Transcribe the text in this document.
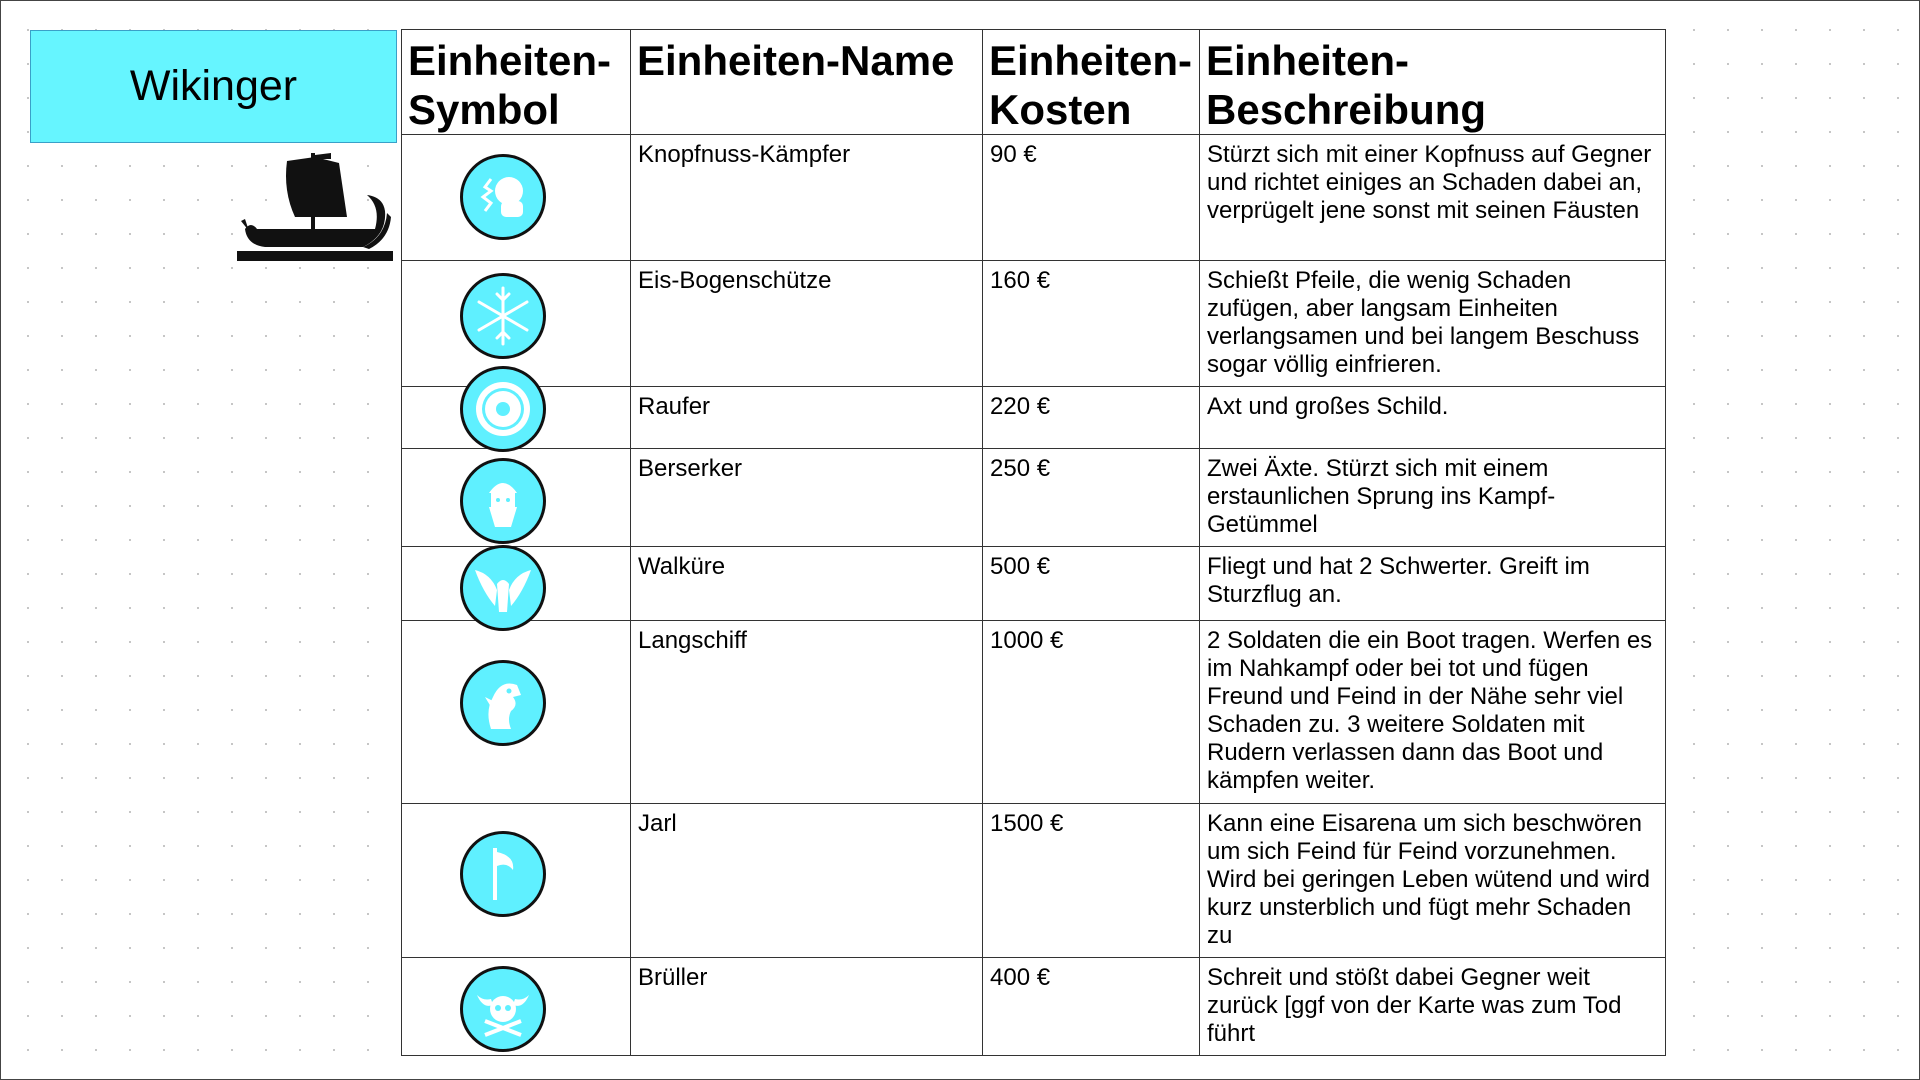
Wikinger
Einheiten-Symbol	Einheiten-Name	Einheiten-Kosten	Einheiten-Beschreibung

	Knopfnuss-Kämpfer	90 €	Stürzt sich mit einer Kopfnuss auf Gegner und richtet einiges an Schaden dabei an, verprügelt jene sonst mit seinen Fäusten

	Eis-Bogenschütze	160 €	Schießt Pfeile, die wenig Schaden zufügen, aber langsam Einheiten verlangsamen und bei langem Beschuss sogar völlig einfrieren.

	Raufer	220 €	Axt und großes Schild.

	Berserker	250 €	Zwei Äxte. Stürzt sich mit einem erstaunlichen Sprung ins Kampf-Getümmel

	Walküre	500 €	Fliegt und hat 2 Schwerter. Greift im Sturzflug an.

	Langschiff	1000 €	2 Soldaten die ein Boot tragen. Werfen es im Nahkampf oder bei tot und fügen Freund und Feind in der Nähe sehr viel Schaden zu. 3 weitere Soldaten mit Rudern verlassen dann das Boot und kämpfen weiter.

	Jarl	1500 €	Kann eine Eisarena um sich beschwören um sich Feind für Feind vorzunehmen. Wird bei geringen Leben wütend und wird kurz unsterblich und fügt mehr Schaden zu

	Brüller	400 €	Schreit und stößt dabei Gegner weit zurück [ggf von der Karte was zum Tod führt
